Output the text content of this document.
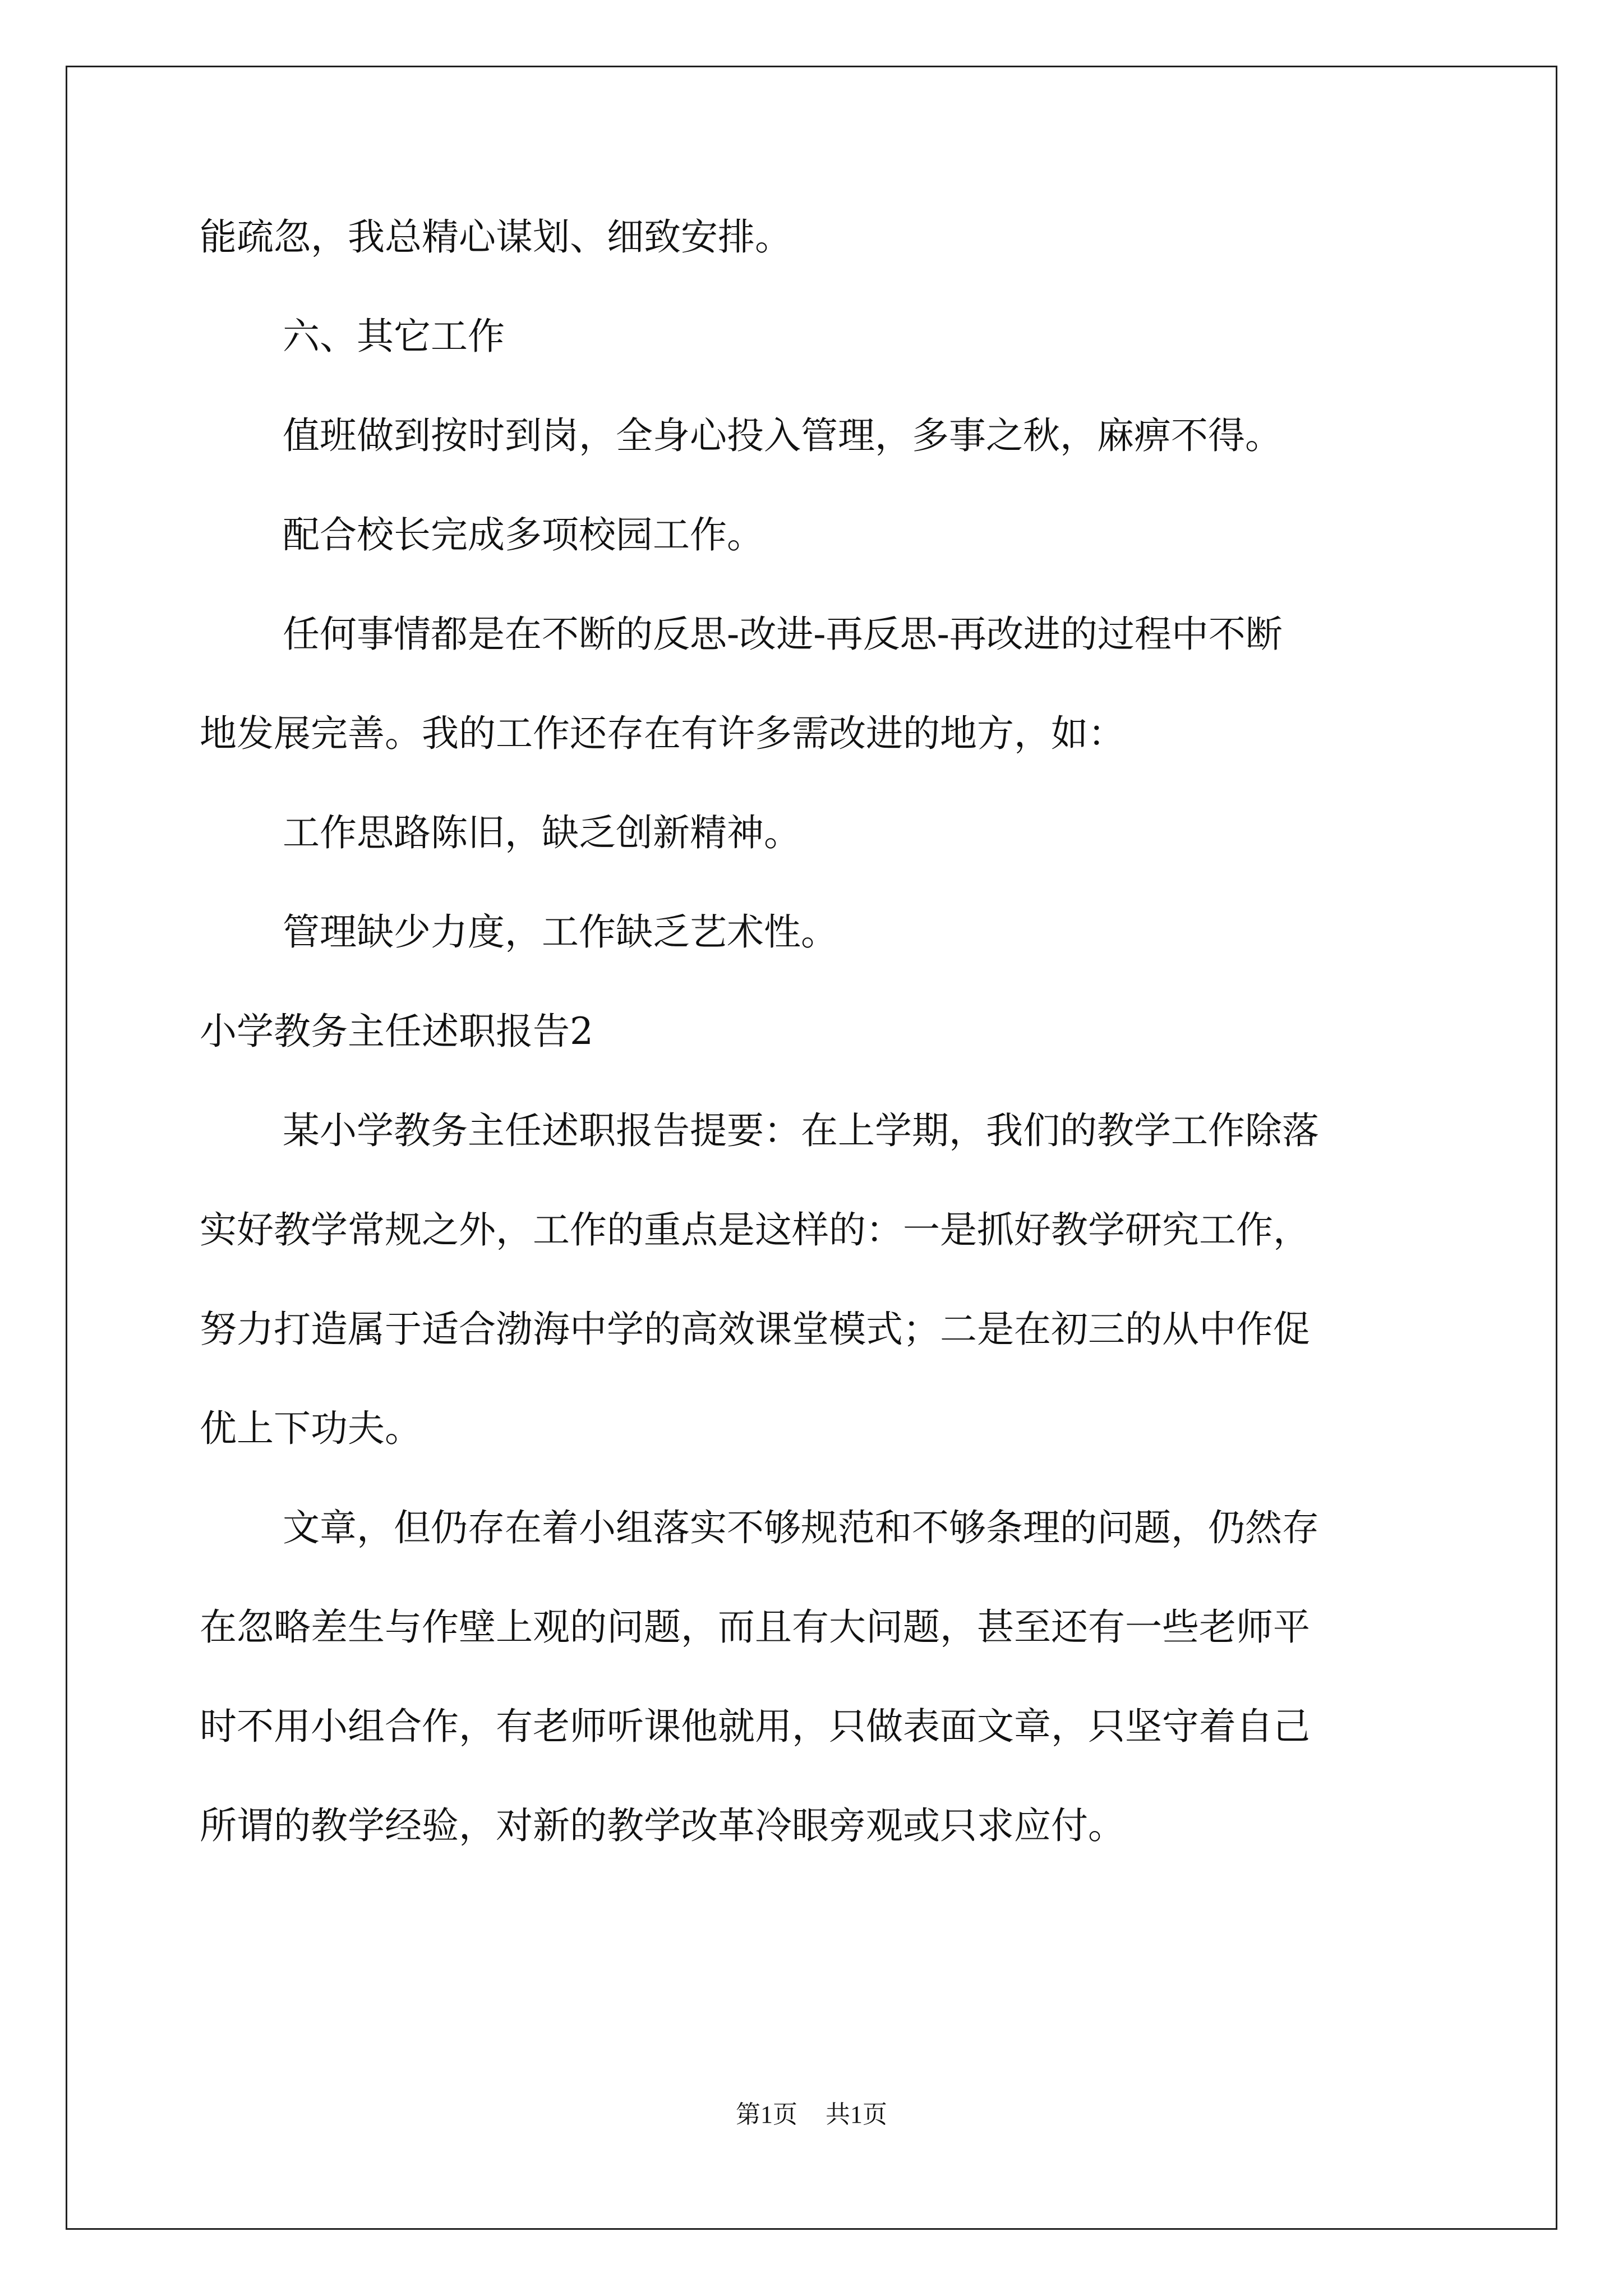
能疏忽，我总精心谋划、细致安排。
六、其它工作
值班做到按时到岗，全身心投入管理，多事之秋，麻痹不得。
配合校长完成多项校园工作。
任何事情都是在不断的反思-改进-再反思-再改进的过程中不断
地发展完善。我的工作还存在有许多需改进的地方，如：
工作思路陈旧，缺乏创新精神。
管理缺少力度，工作缺乏艺术性。
小学教务主任述职报告2
某小学教务主任述职报告提要：在上学期，我们的教学工作除落
实好教学常规之外，工作的重点是这样的：一是抓好教学研究工作，
努力打造属于适合渤海中学的高效课堂模式；二是在初三的从中作促
优上下功夫。
文章，但仍存在着小组落实不够规范和不够条理的问题，仍然存
在忽略差生与作壁上观的问题，而且有大问题，甚至还有一些老师平
时不用小组合作，有老师听课他就用，只做表面文章，只坚守着自己
所谓的教学经验，对新的教学改革冷眼旁观或只求应付。
第1页 共1页
